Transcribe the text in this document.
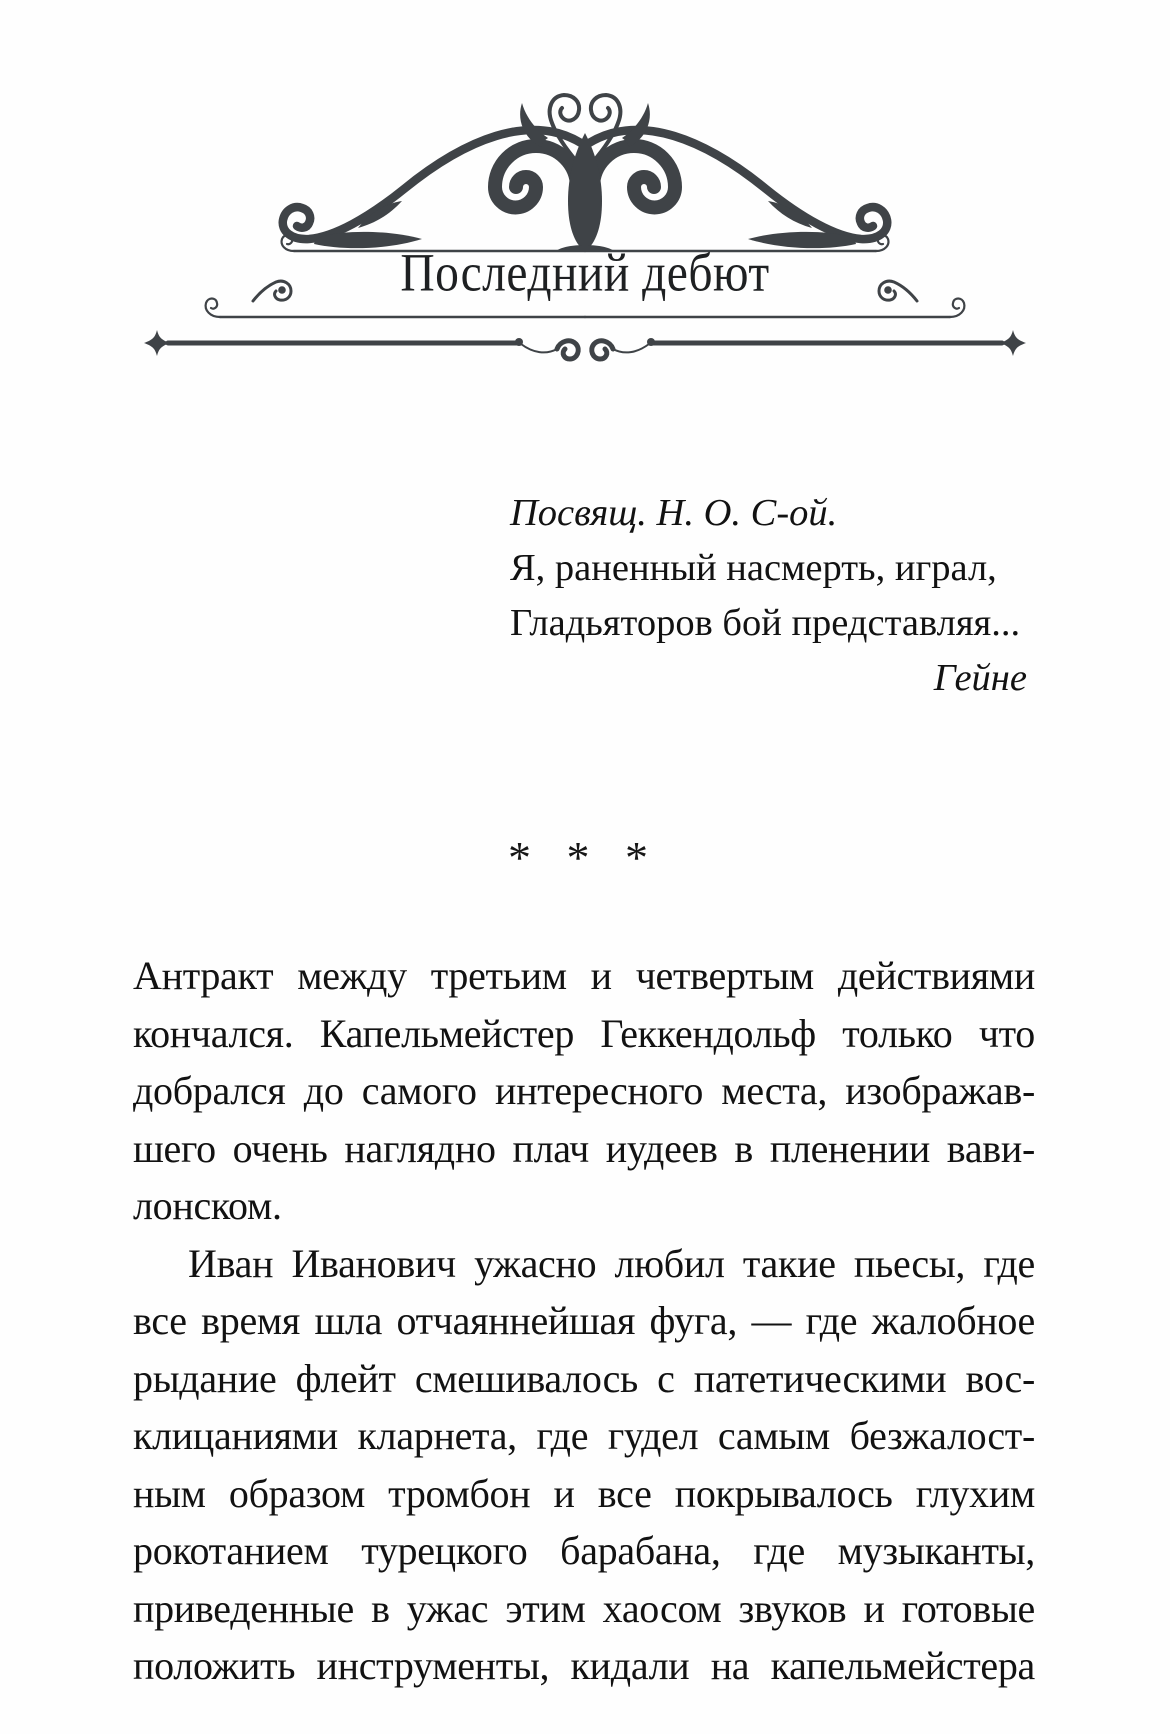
Последний дебют
Посвящ. Н. О. С-ой.
Я, раненный насмерть, играл,
Гладьяторов бой представляя...
Гейне
* * *
Антракт между третьим и четвертым действиями
кончался. Капельмейстер Геккендольф только что
добрался до самого интересного места, изображав-
шего очень наглядно плач иудеев в пленении вави-
лонском.
Иван Иванович ужасно любил такие пьесы, где
все время шла отчаяннейшая фуга, — где жалобное
рыдание флейт смешивалось с патетическими вос-
клицаниями кларнета, где гудел самым безжалост-
ным образом тромбон и все покрывалось глухим
рокотанием турецкого барабана, где музыканты,
приведенные в ужас этим хаосом звуков и готовые
положить инструменты, кидали на капельмейстера
